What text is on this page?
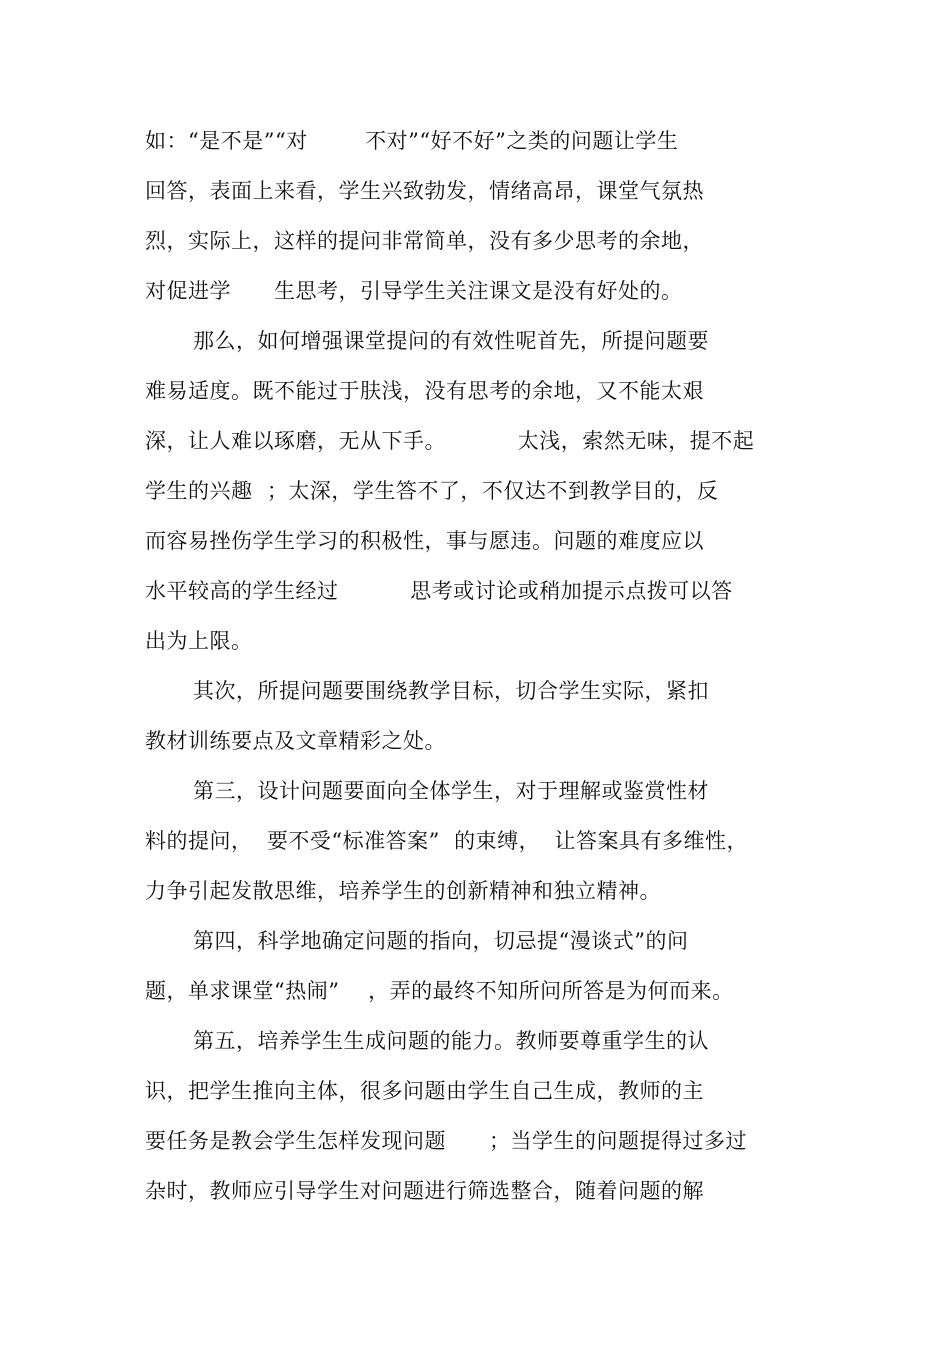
如：“是不是”“对        不对”“好不好”之类的问题让学生
回答，表面上来看，学生兴致勃发，情绪高昂，课堂气氛热
烈，实际上，这样的提问非常简单，没有多少思考的余地，
对促进学      生思考，引导学生关注课文是没有好处的。
那么，如何增强课堂提问的有效性呢首先，所提问题要
难易适度。既不能过于肤浅，没有思考的余地，又不能太艰
深，让人难以琢磨，无从下手。          太浅，索然无味，提不起
学生的兴趣  ；太深，学生答不了，不仅达不到教学目的，反
而容易挫伤学生学习的积极性，事与愿违。问题的难度应以
水平较高的学生经过          思考或讨论或稍加提示点拨可以答
出为上限。
其次，所提问题要围绕教学目标，切合学生实际，紧扣
教材训练要点及文章精彩之处。
第三，设计问题要面向全体学生，对于理解或鉴赏性材
料的提问，  要不受“标准答案”  的束缚，  让答案具有多维性，
力争引起发散思维，培养学生的创新精神和独立精神。
第四，科学地确定问题的指向，切忌提“漫谈式”的问
题，单求课堂“热闹”    ，弄的最终不知所问所答是为何而来。
第五，培养学生生成问题的能力。教师要尊重学生的认
识，把学生推向主体，很多问题由学生自己生成，教师的主
要任务是教会学生怎样发现问题      ；当学生的问题提得过多过
杂时，教师应引导学生对问题进行筛选整合，随着问题的解
